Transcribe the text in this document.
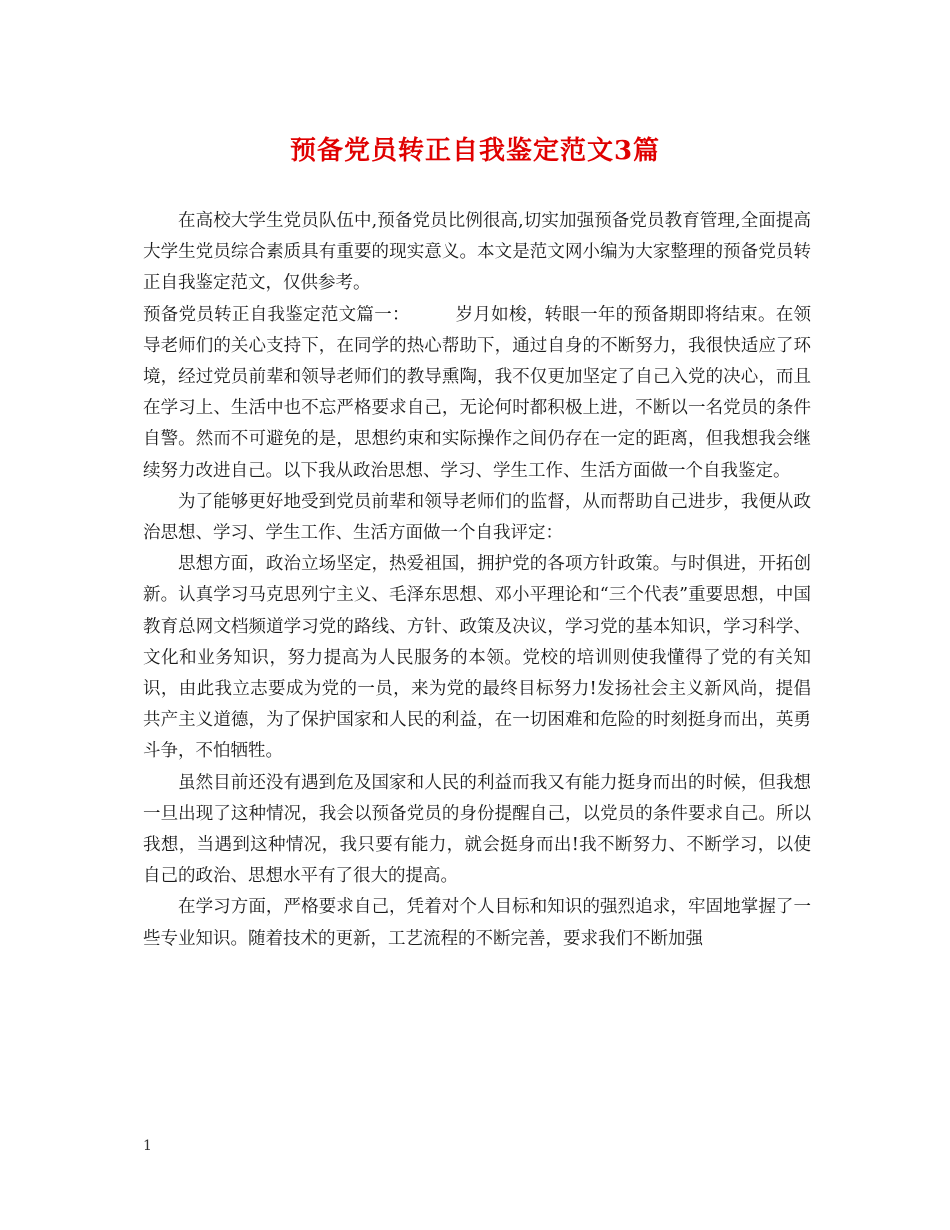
预备党员转正自我鉴定范文3篇

在高校大学生党员队伍中,预备党员比例很高,切实加强预备党员教育管理,全面提高大学生党员综合素质具有重要的现实意义。本文是范文网小编为大家整理的预备党员转正自我鉴定范文，仅供参考。

预备党员转正自我鉴定范文篇一：	岁月如梭，转眼一年的预备期即将结束。在领导老师们的关心支持下，在同学的热心帮助下，通过自身的不断努力，我很快适应了环境，经过党员前辈和领导老师们的教导熏陶，我不仅更加坚定了自己入党的决心，而且在学习上、生活中也不忘严格要求自己，无论何时都积极上进，不断以一名党员的条件自警。然而不可避免的是，思想约束和实际操作之间仍存在一定的距离，但我想我会继续努力改进自己。以下我从政治思想、学习、学生工作、生活方面做一个自我鉴定。

为了能够更好地受到党员前辈和领导老师们的监督，从而帮助自己进步，我便从政治思想、学习、学生工作、生活方面做一个自我评定：

思想方面，政治立场坚定，热爱祖国，拥护党的各项方针政策。与时俱进，开拓创新。认真学习马克思列宁主义、毛泽东思想、邓小平理论和“三个代表”重要思想，中国教育总网文档频道学习党的路线、方针、政策及决议，学习党的基本知识，学习科学、文化和业务知识，努力提高为人民服务的本领。党校的培训则使我懂得了党的有关知识，由此我立志要成为党的一员，来为党的最终目标努力!发扬社会主义新风尚，提倡共产主义道德，为了保护国家和人民的利益，在一切困难和危险的时刻挺身而出，英勇斗争，不怕牺牲。

虽然目前还没有遇到危及国家和人民的利益而我又有能力挺身而出的时候，但我想一旦出现了这种情况，我会以预备党员的身份提醒自己，以党员的条件要求自己。所以我想，当遇到这种情况，我只要有能力，就会挺身而出!我不断努力、不断学习，以使自己的政治、思想水平有了很大的提高。

在学习方面，严格要求自己，凭着对个人目标和知识的强烈追求，牢固地掌握了一些专业知识。随着技术的更新，工艺流程的不断完善，要求我们不断加强

1
